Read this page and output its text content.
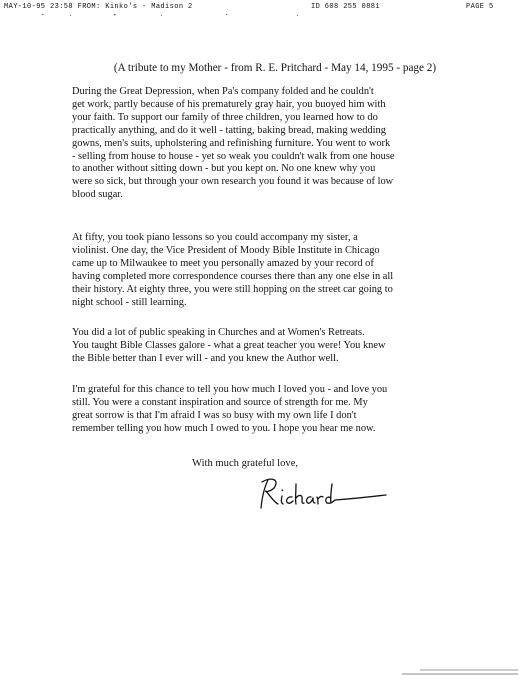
MAY-10-95 23:58 FROM: Kinko's - Madison 2	ID 608 255 0881	PAGE 5
(A tribute to my Mother - from R. E. Pritchard - May 14, 1995 - page 2)

During the Great Depression, when Pa's company folded and he couldn't
get work, partly because of his prematurely gray hair, you buoyed him with
your faith. To support our family of three children, you learned how to do
practically anything, and do it well - tatting, baking bread, making wedding
gowns, men's suits, upholstering and refinishing furniture. You went to work
- selling from house to house - yet so weak you couldn't walk from one house
to another without sitting down - but you kept on. No one knew why you
were so sick, but through your own research you found it was because of low
blood sugar.

At fifty, you took piano lessons so you could accompany my sister, a
violinist. One day, the Vice President of Moody Bible Institute in Chicago
came up to Milwaukee to meet you personally amazed by your record of
having completed more correspondence courses there than any one else in all
their history. At eighty three, you were still hopping on the street car going to
night school - still learning.

You did a lot of public speaking in Churches and at Women's Retreats.
You taught Bible Classes galore - what a great teacher you were! You knew
the Bible better than I ever will - and you knew the Author well.

I'm grateful for this chance to tell you how much I loved you - and love you
still. You were a constant inspiration and source of strength for me. My
great sorrow is that I'm afraid I was so busy with my own life I don't
remember telling you how much I owed to you. I hope you hear me now.

With much grateful love,
